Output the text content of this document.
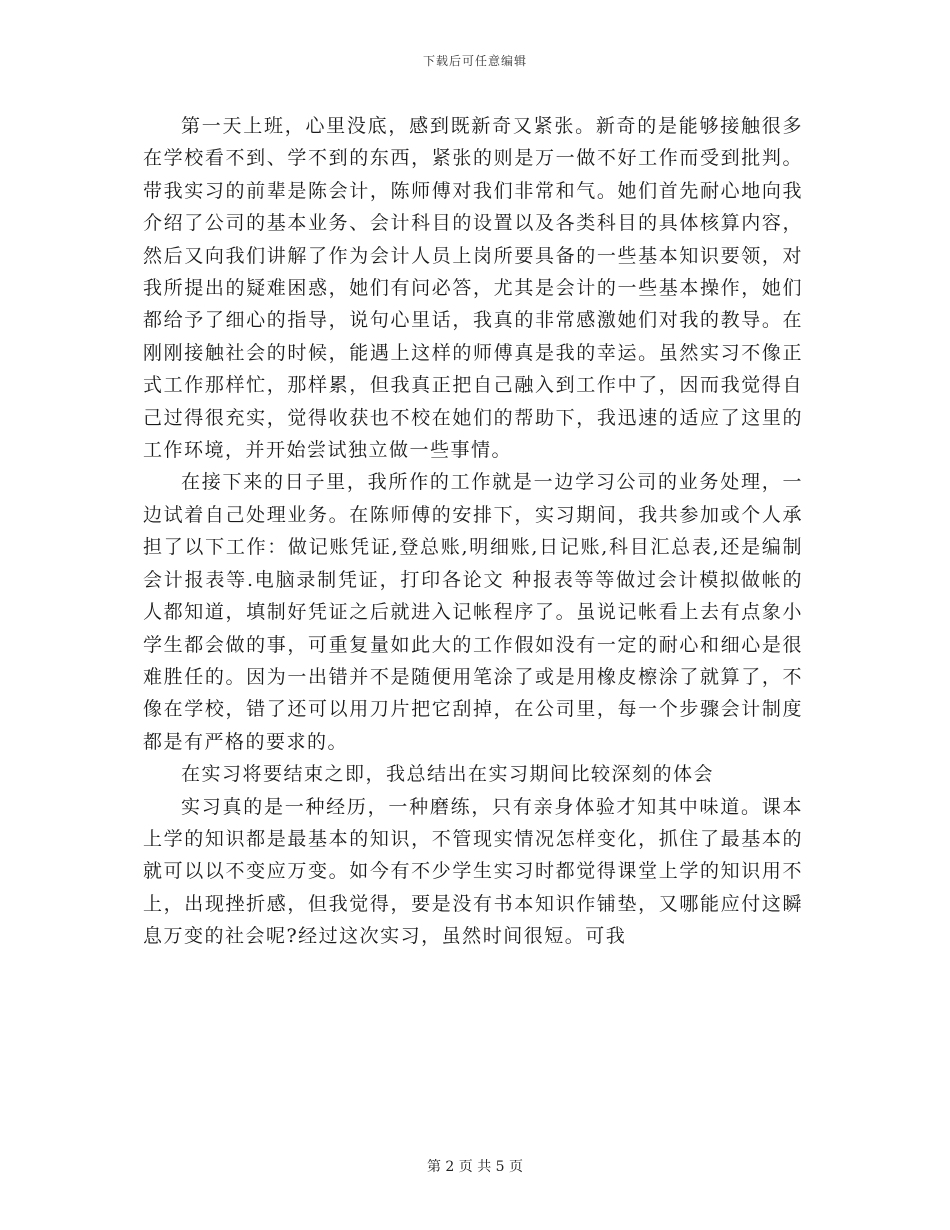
下载后可任意编辑

第一天上班，心里没底，感到既新奇又紧张。新奇的是能够接触很多在学校看不到、学不到的东西，紧张的则是万一做不好工作而受到批判。带我实习的前辈是陈会计，陈师傅对我们非常和气。她们首先耐心地向我介绍了公司的基本业务、会计科目的设置以及各类科目的具体核算内容，然后又向我们讲解了作为会计人员上岗所要具备的一些基本知识要领，对我所提出的疑难困惑，她们有问必答，尤其是会计的一些基本操作，她们都给予了细心的指导，说句心里话，我真的非常感激她们对我的教导。在刚刚接触社会的时候，能遇上这样的师傅真是我的幸运。虽然实习不像正式工作那样忙，那样累，但我真正把自己融入到工作中了，因而我觉得自己过得很充实，觉得收获也不校在她们的帮助下，我迅速的适应了这里的工作环境，并开始尝试独立做一些事情。

在接下来的日子里，我所作的工作就是一边学习公司的业务处理，一边试着自己处理业务。在陈师傅的安排下，实习期间，我共参加或个人承担了以下工作：做记账凭证,登总账,明细账,日记账,科目汇总表,还是编制会计报表等.电脑录制凭证，打印各论文 种报表等等做过会计模拟做帐的人都知道，填制好凭证之后就进入记帐程序了。虽说记帐看上去有点象小学生都会做的事，可重复量如此大的工作假如没有一定的耐心和细心是很难胜任的。因为一出错并不是随便用笔涂了或是用橡皮檫涂了就算了，不像在学校，错了还可以用刀片把它刮掉，在公司里，每一个步骤会计制度都是有严格的要求的。

在实习将要结束之即，我总结出在实习期间比较深刻的体会

实习真的是一种经历，一种磨练，只有亲身体验才知其中味道。课本上学的知识都是最基本的知识，不管现实情况怎样变化，抓住了最基本的就可以以不变应万变。如今有不少学生实习时都觉得课堂上学的知识用不上，出现挫折感，但我觉得，要是没有书本知识作铺垫，又哪能应付这瞬息万变的社会呢?经过这次实习，虽然时间很短。可我

第 2 页 共 5 页
